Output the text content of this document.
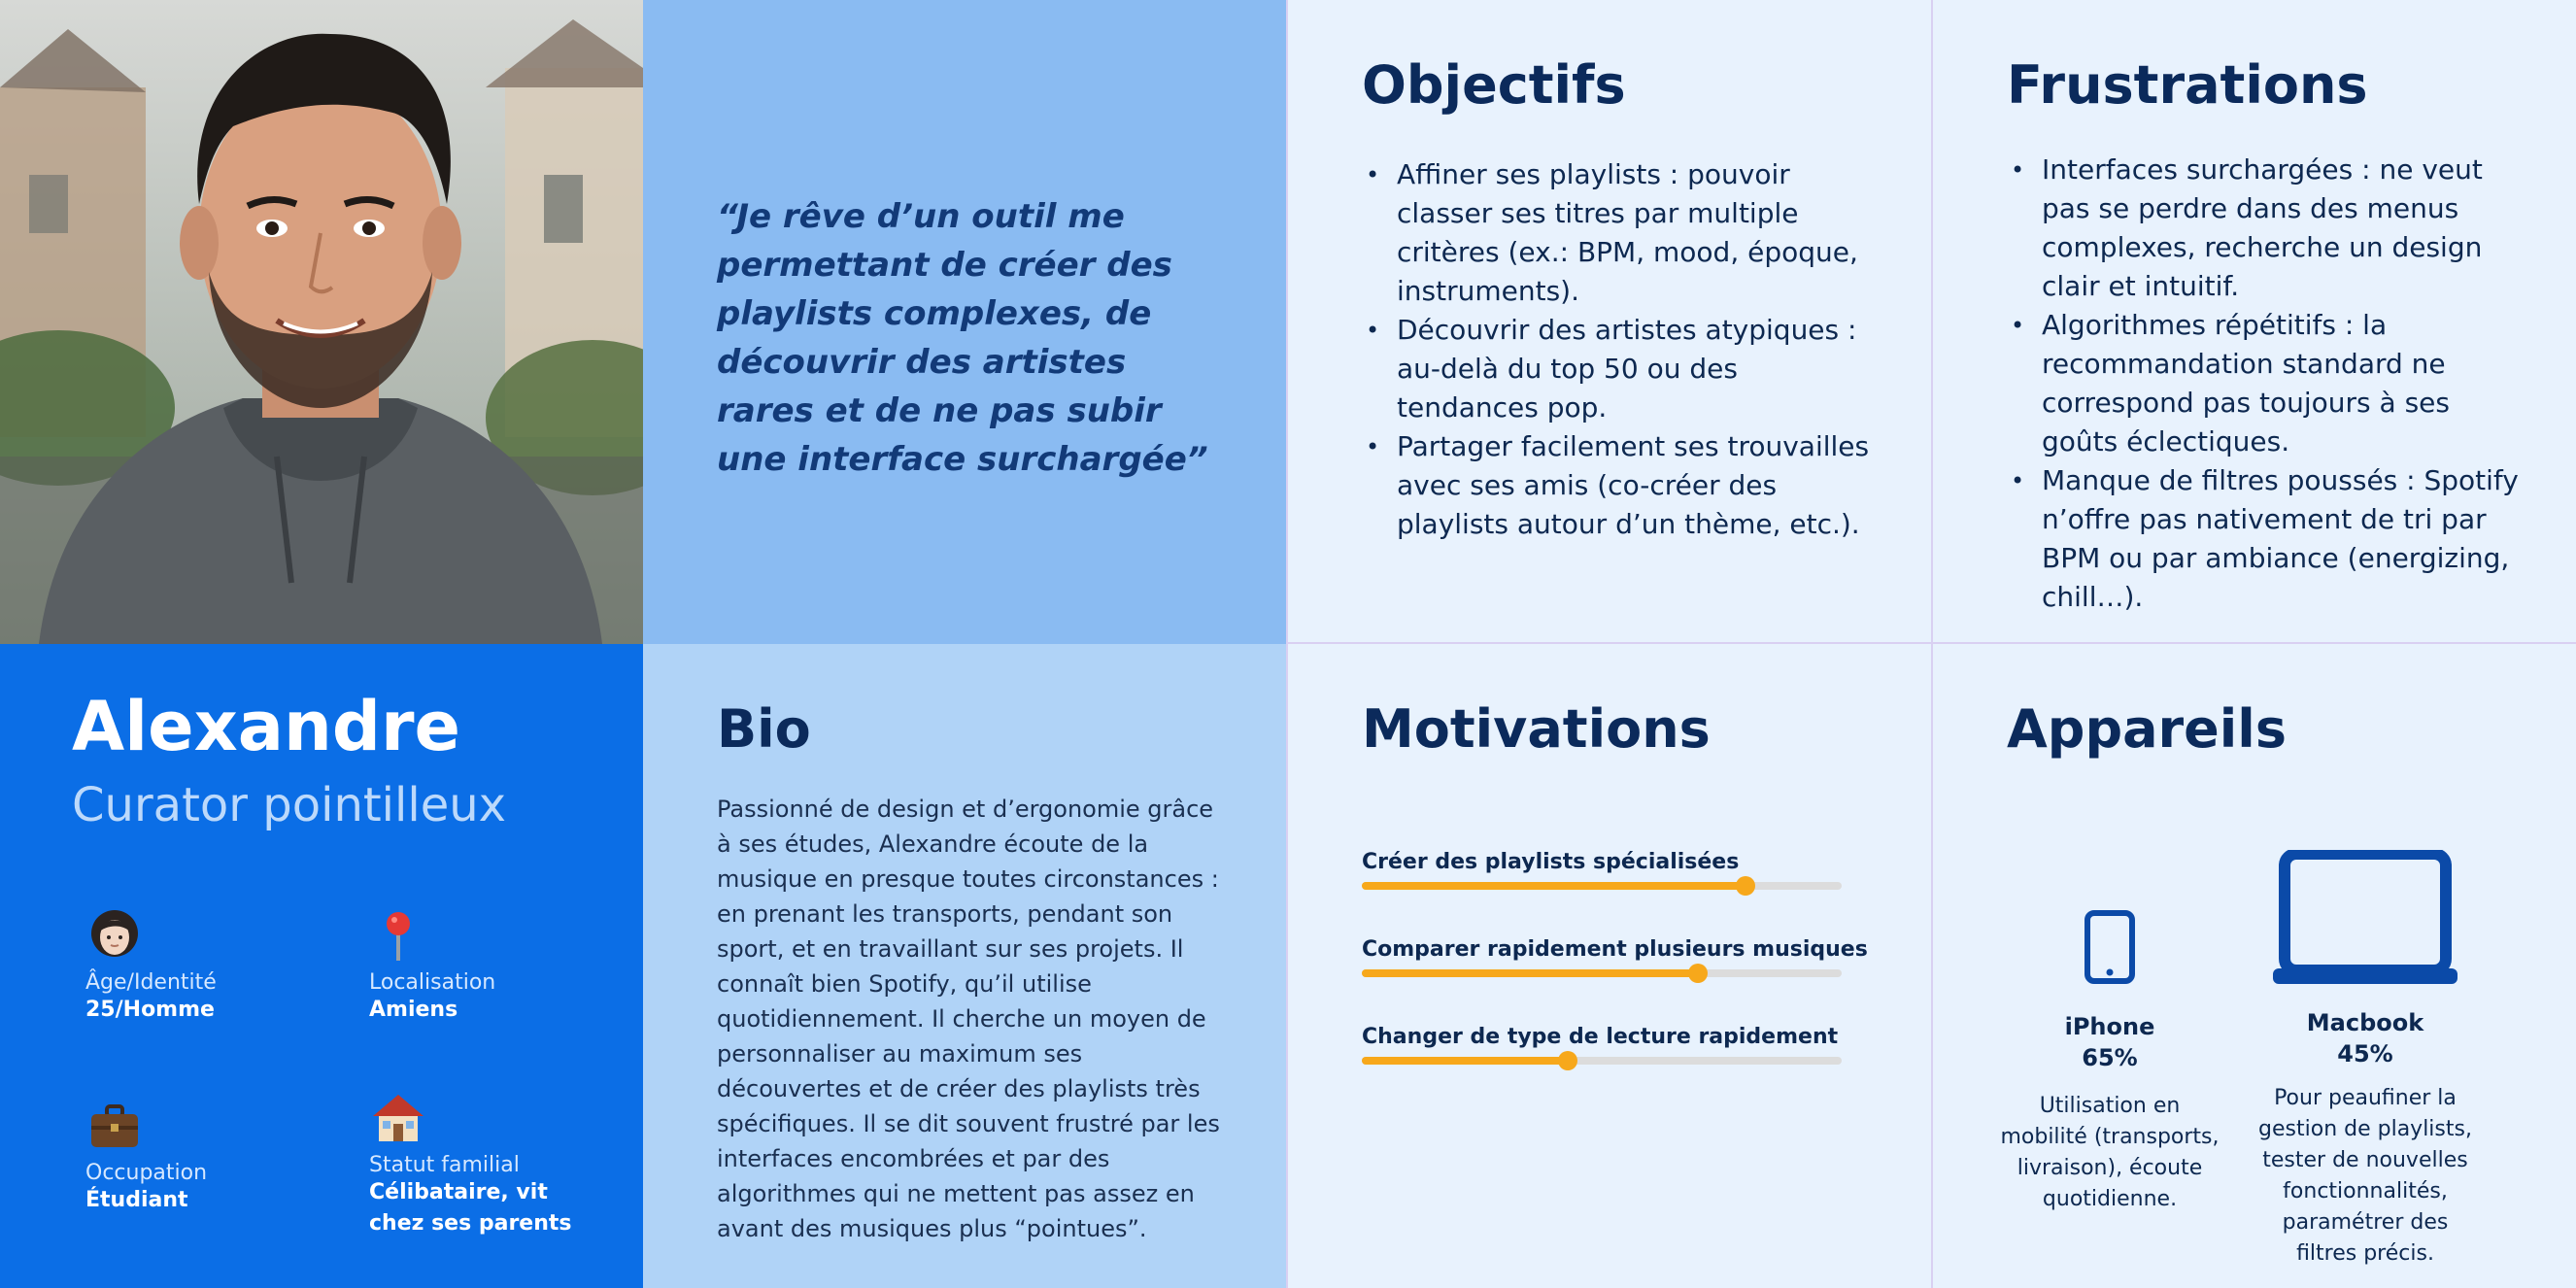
“Je rêve d’un outil me permettant de créer des playlists complexes, de découvrir des artistes rares et de ne pas subir une interface surchargée”
Objectifs
• Affiner ses playlists : pouvoir classer ses titres par multiple critères (ex.: BPM, mood, époque, instruments).
• Découvrir des artistes atypiques : au-delà du top 50 ou des tendances pop.
• Partager facilement ses trouvailles avec ses amis (co-créer des playlists autour d’un thème, etc.).
Frustrations
• Interfaces surchargées : ne veut pas se perdre dans des menus complexes, recherche un design clair et intuitif.
• Algorithmes répétitifs : la recommandation standard ne correspond pas toujours à ses goûts éclectiques.
• Manque de filtres poussés : Spotify n’offre pas nativement de tri par BPM ou par ambiance (energizing, chill…).
Alexandre
Curator pointilleux
Âge/Identité
25/Homme
Localisation
Amiens
Occupation
Étudiant
Statut familial
Célibataire, vit
chez ses parents
Bio
Passionné de design et d’ergonomie grâce à ses études, Alexandre écoute de la musique en presque toutes circonstances : en prenant les transports, pendant son sport, et en travaillant sur ses projets. Il connaît bien Spotify, qu’il utilise quotidiennement. Il cherche un moyen de personnaliser au maximum ses découvertes et de créer des playlists très spécifiques. Il se dit souvent frustré par les interfaces encombrées et par des algorithmes qui ne mettent pas assez en avant des musiques plus “pointues”.
Motivations
Créer des playlists spécialisées
Comparer rapidement plusieurs musiques
Changer de type de lecture rapidement
Appareils
iPhone
65%
Utilisation en mobilité (transports, livraison), écoute quotidienne.
Macbook
45%
Pour peaufiner la gestion de playlists, tester de nouvelles fonctionnalités, paramétrer des filtres précis.
